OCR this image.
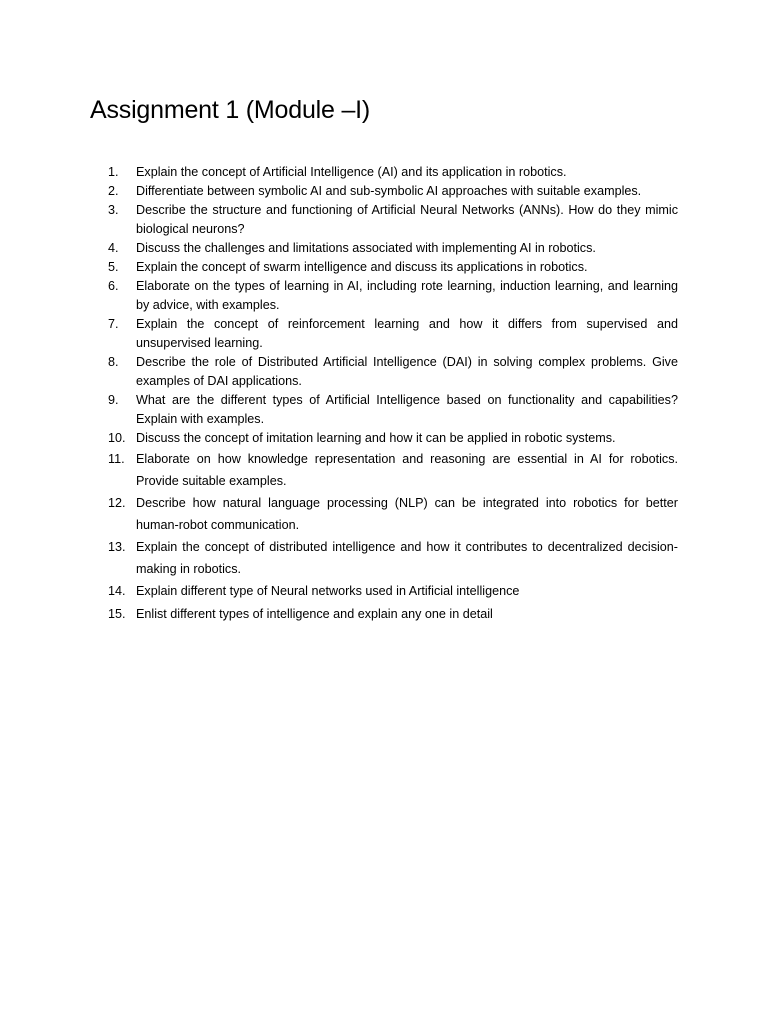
Assignment 1 (Module –I)
1.	Explain the concept of Artificial Intelligence (AI) and its application in robotics.
2.	Differentiate between symbolic AI and sub-symbolic AI approaches with suitable examples.
3.	Describe the structure and functioning of Artificial Neural Networks (ANNs). How do they mimic biological neurons?
4.	Discuss the challenges and limitations associated with implementing AI in robotics.
5.	Explain the concept of swarm intelligence and discuss its applications in robotics.
6.	Elaborate on the types of learning in AI, including rote learning, induction learning, and learning by advice, with examples.
7.	Explain the concept of reinforcement learning and how it differs from supervised and unsupervised learning.
8.	Describe the role of Distributed Artificial Intelligence (DAI) in solving complex problems. Give examples of DAI applications.
9.	What are the different types of Artificial Intelligence based on functionality and capabilities? Explain with examples.
10. Discuss the concept of imitation learning and how it can be applied in robotic systems.
11. Elaborate on how knowledge representation and reasoning are essential in AI for robotics. Provide suitable examples.
12. Describe how natural language processing (NLP) can be integrated into robotics for better human-robot communication.
13. Explain the concept of distributed intelligence and how it contributes to decentralized decision-making in robotics.
14. Explain different type of Neural networks used in Artificial intelligence
15. Enlist different types of intelligence and explain any one in detail
